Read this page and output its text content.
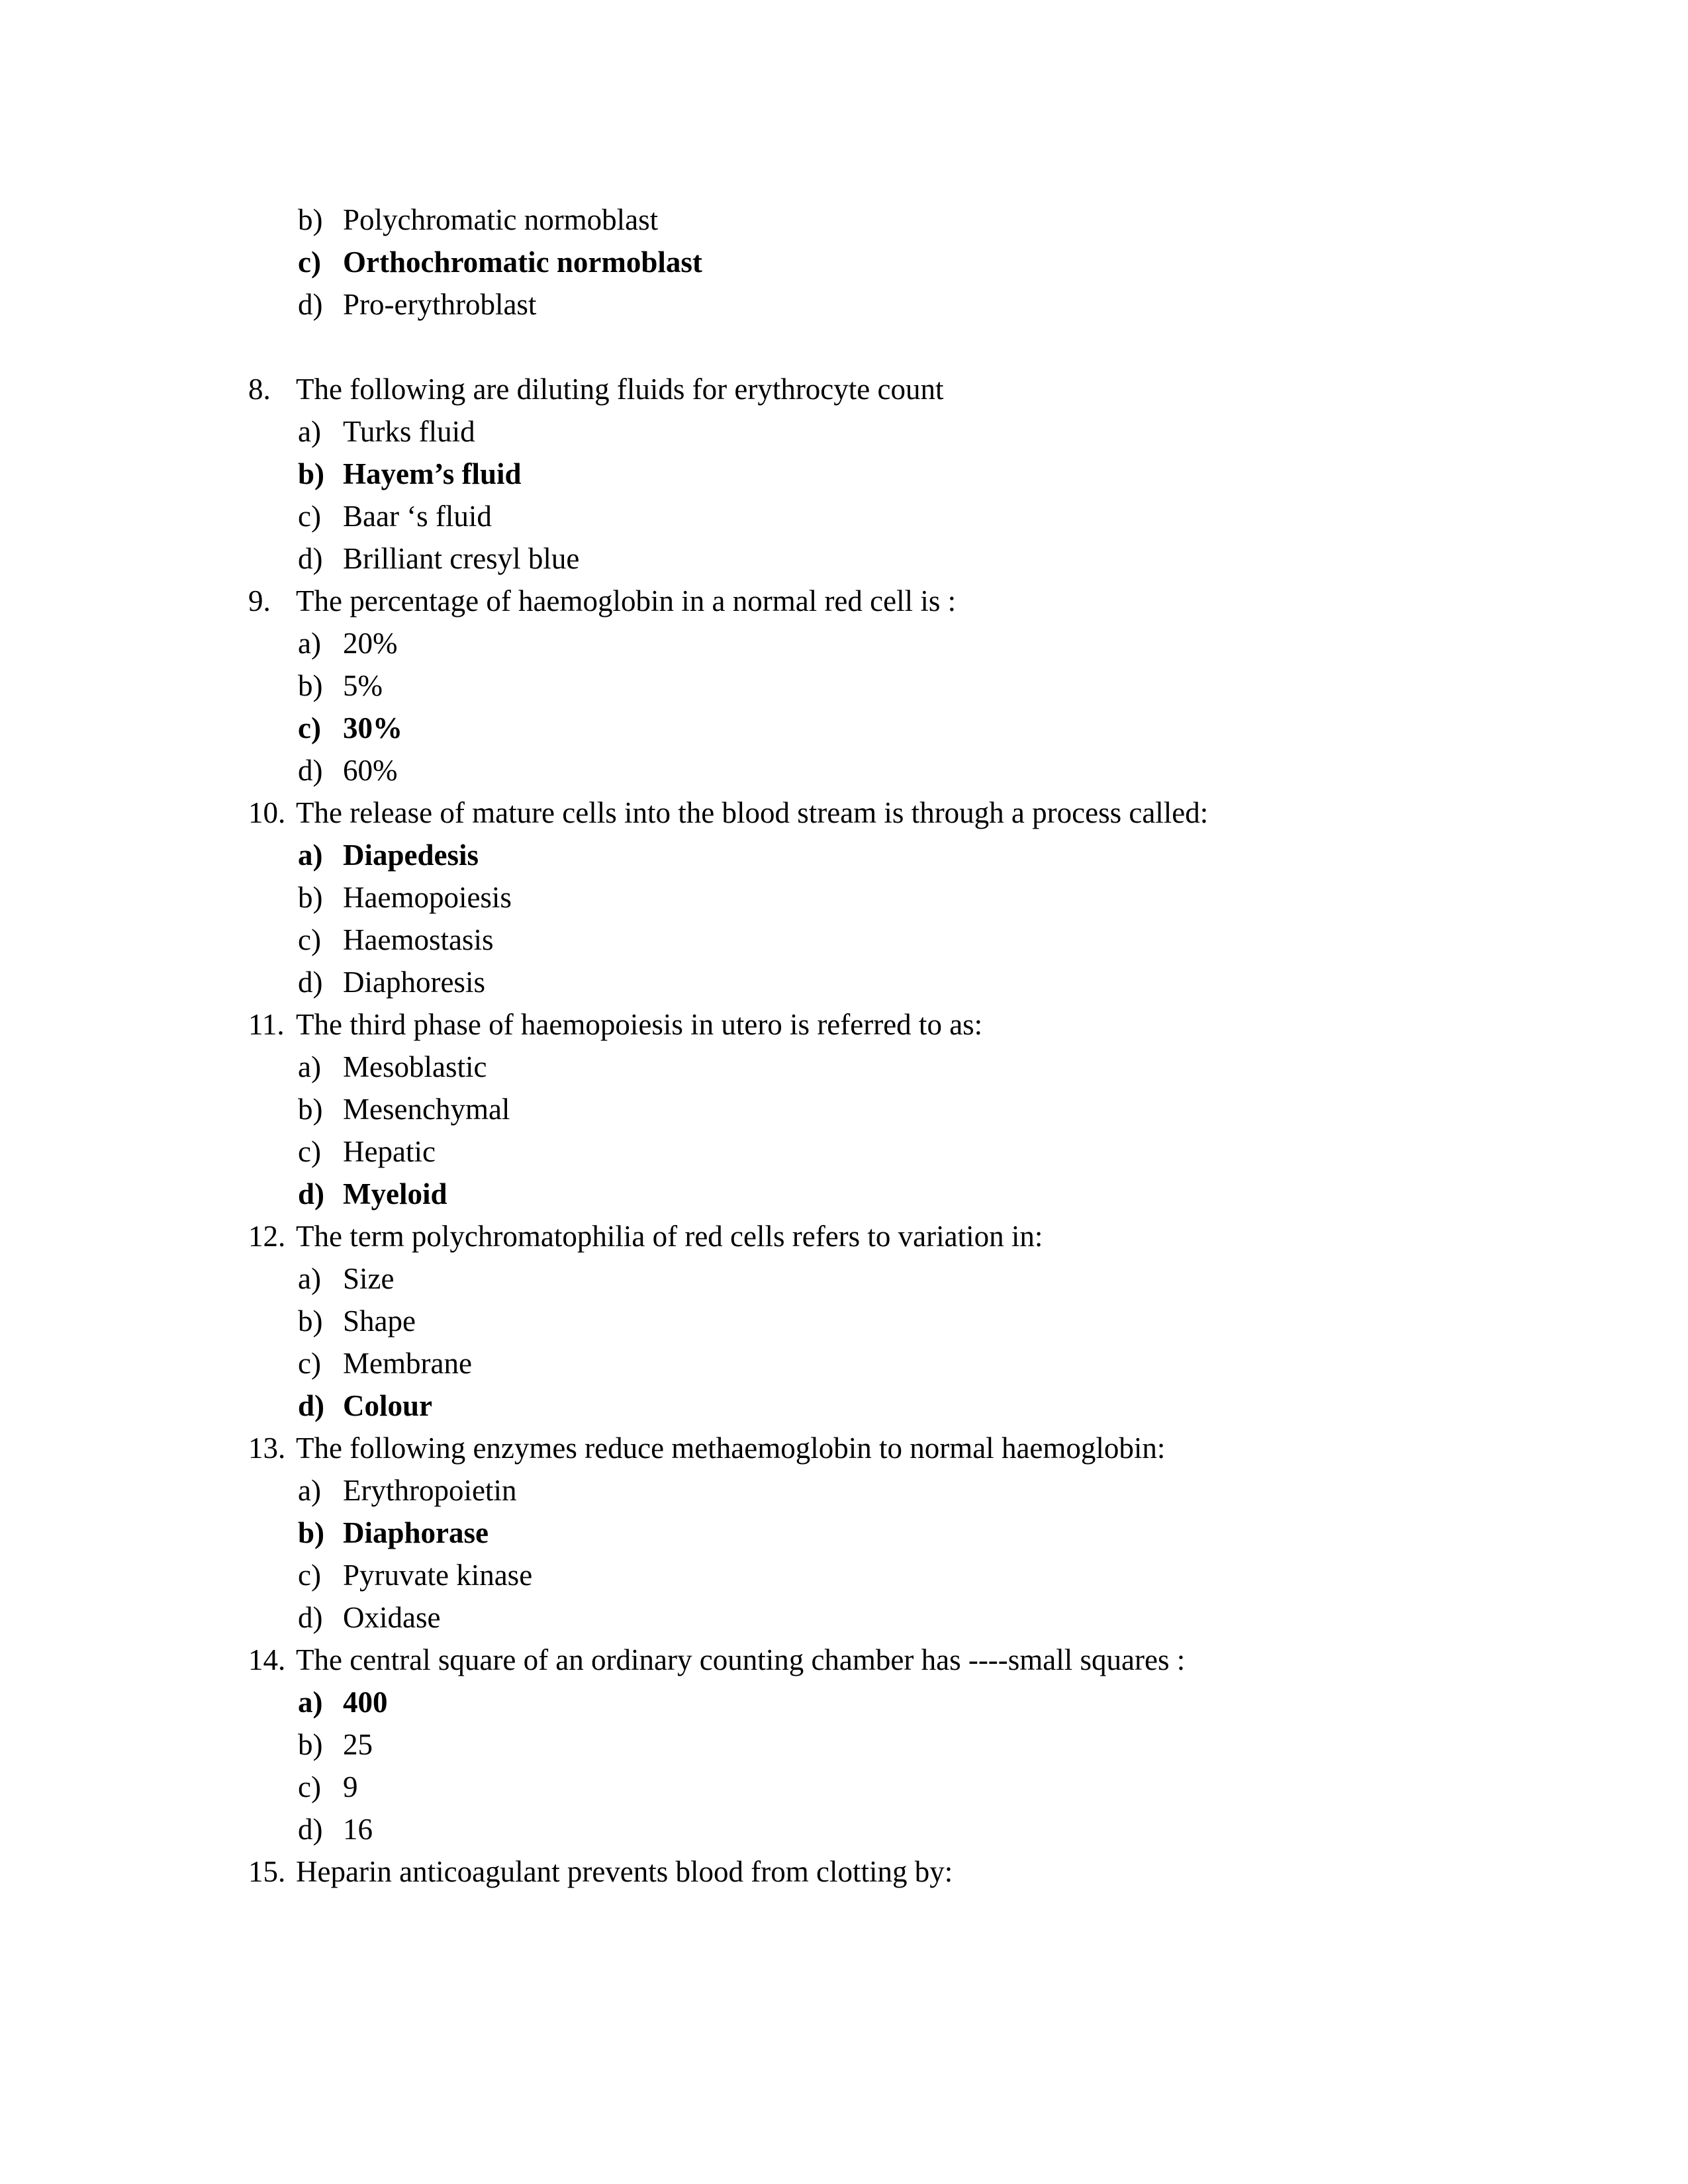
b) Polychromatic normoblast
c) Orthochromatic normoblast
d) Pro-erythroblast
8. The following are diluting fluids for erythrocyte count
a) Turks fluid
b) Hayem’s fluid
c) Baar ‘s fluid
d) Brilliant cresyl blue
9. The percentage of haemoglobin in a normal red cell is :
a) 20%
b) 5%
c) 30%
d) 60%
10. The release of mature cells into the blood stream is through a process called:
a) Diapedesis
b) Haemopoiesis
c) Haemostasis
d) Diaphoresis
11. The third phase of haemopoiesis in utero is referred to as:
a) Mesoblastic
b) Mesenchymal
c) Hepatic
d) Myeloid
12. The term polychromatophilia of red cells refers to variation in:
a) Size
b) Shape
c) Membrane
d) Colour
13. The following enzymes reduce methaemoglobin to normal haemoglobin:
a) Erythropoietin
b) Diaphorase
c) Pyruvate kinase
d) Oxidase
14. The central square of an ordinary counting chamber has ----small squares :
a) 400
b) 25
c) 9
d) 16
15. Heparin anticoagulant prevents blood from clotting by:
